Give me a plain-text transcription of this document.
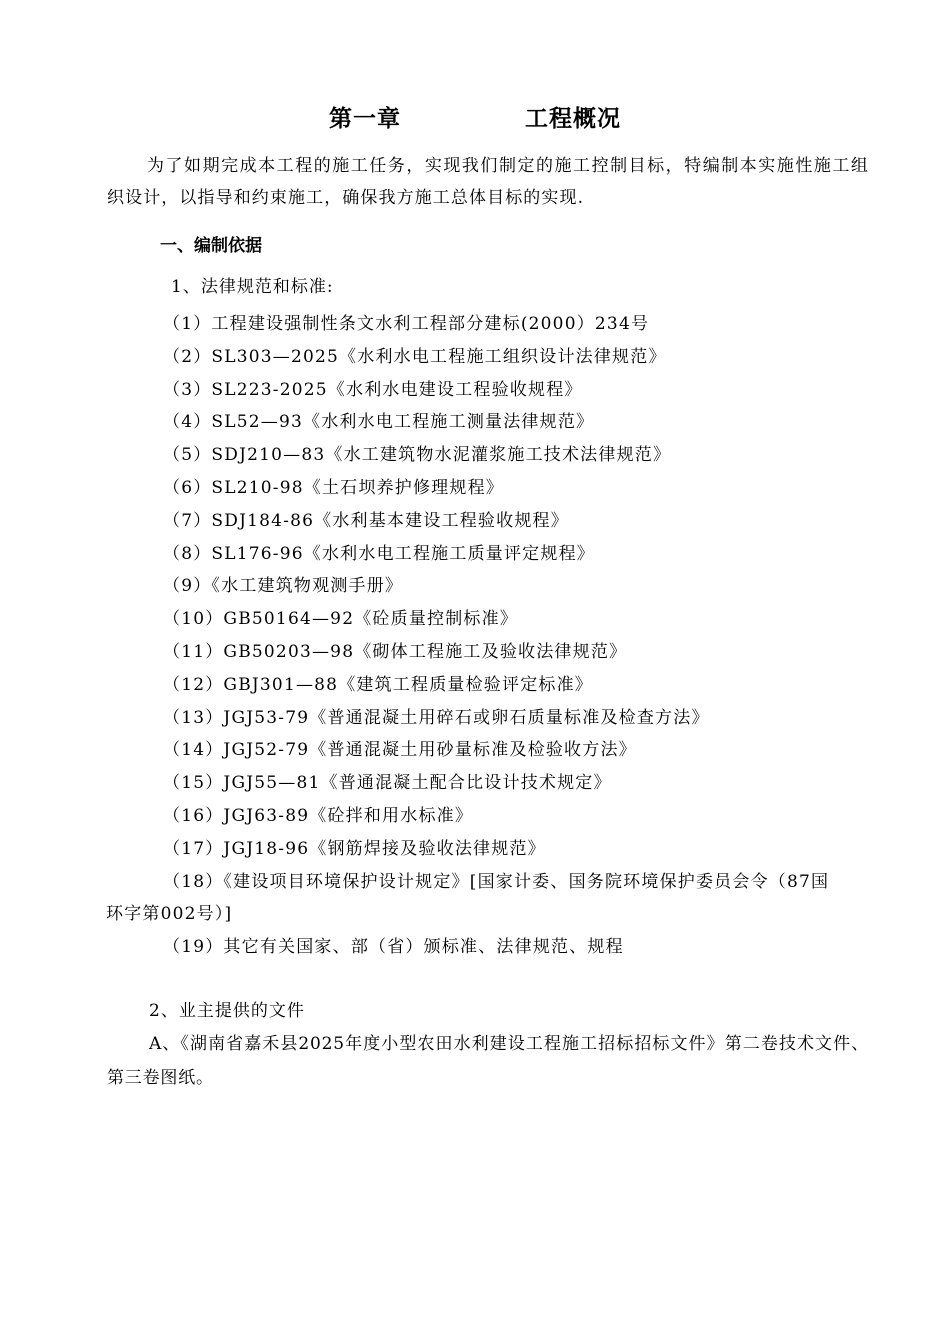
第一章    工程概况

为了如期完成本工程的施工任务，实现我们制定的施工控制目标，特编制本实施性施工组织设计，以指导和约束施工，确保我方施工总体目标的实现.

一、编制依据
1、法律规范和标准:
（1）工程建设强制性条文水利工程部分建标(2000）234号
（2）SL303—2025《水利水电工程施工组织设计法律规范》
（3）SL223-2025《水利水电建设工程验收规程》
（4）SL52—93《水利水电工程施工测量法律规范》
（5）SDJ210—83《水工建筑物水泥灌浆施工技术法律规范》
（6）SL210-98《土石坝养护修理规程》
（7）SDJ184-86《水利基本建设工程验收规程》
（8）SL176-96《水利水电工程施工质量评定规程》
（9）《水工建筑物观测手册》
（10）GB50164—92《砼质量控制标准》
（11）GB50203—98《砌体工程施工及验收法律规范》
（12）GBJ301—88《建筑工程质量检验评定标准》
（13）JGJ53-79《普通混凝土用碎石或卵石质量标准及检查方法》
（14）JGJ52-79《普通混凝土用砂量标准及检验收方法》
（15）JGJ55—81《普通混凝土配合比设计技术规定》
（16）JGJ63-89《砼拌和用水标准》
（17）JGJ18-96《钢筋焊接及验收法律规范》
（18）《建设项目环境保护设计规定》[国家计委、国务院环境保护委员会令（87国
环字第002号）]
（19）其它有关国家、部（省）颁标准、法律规范、规程
2、业主提供的文件

A、《湖南省嘉禾县2025年度小型农田水利建设工程施工招标招标文件》第二卷技术文件、第三卷图纸。
